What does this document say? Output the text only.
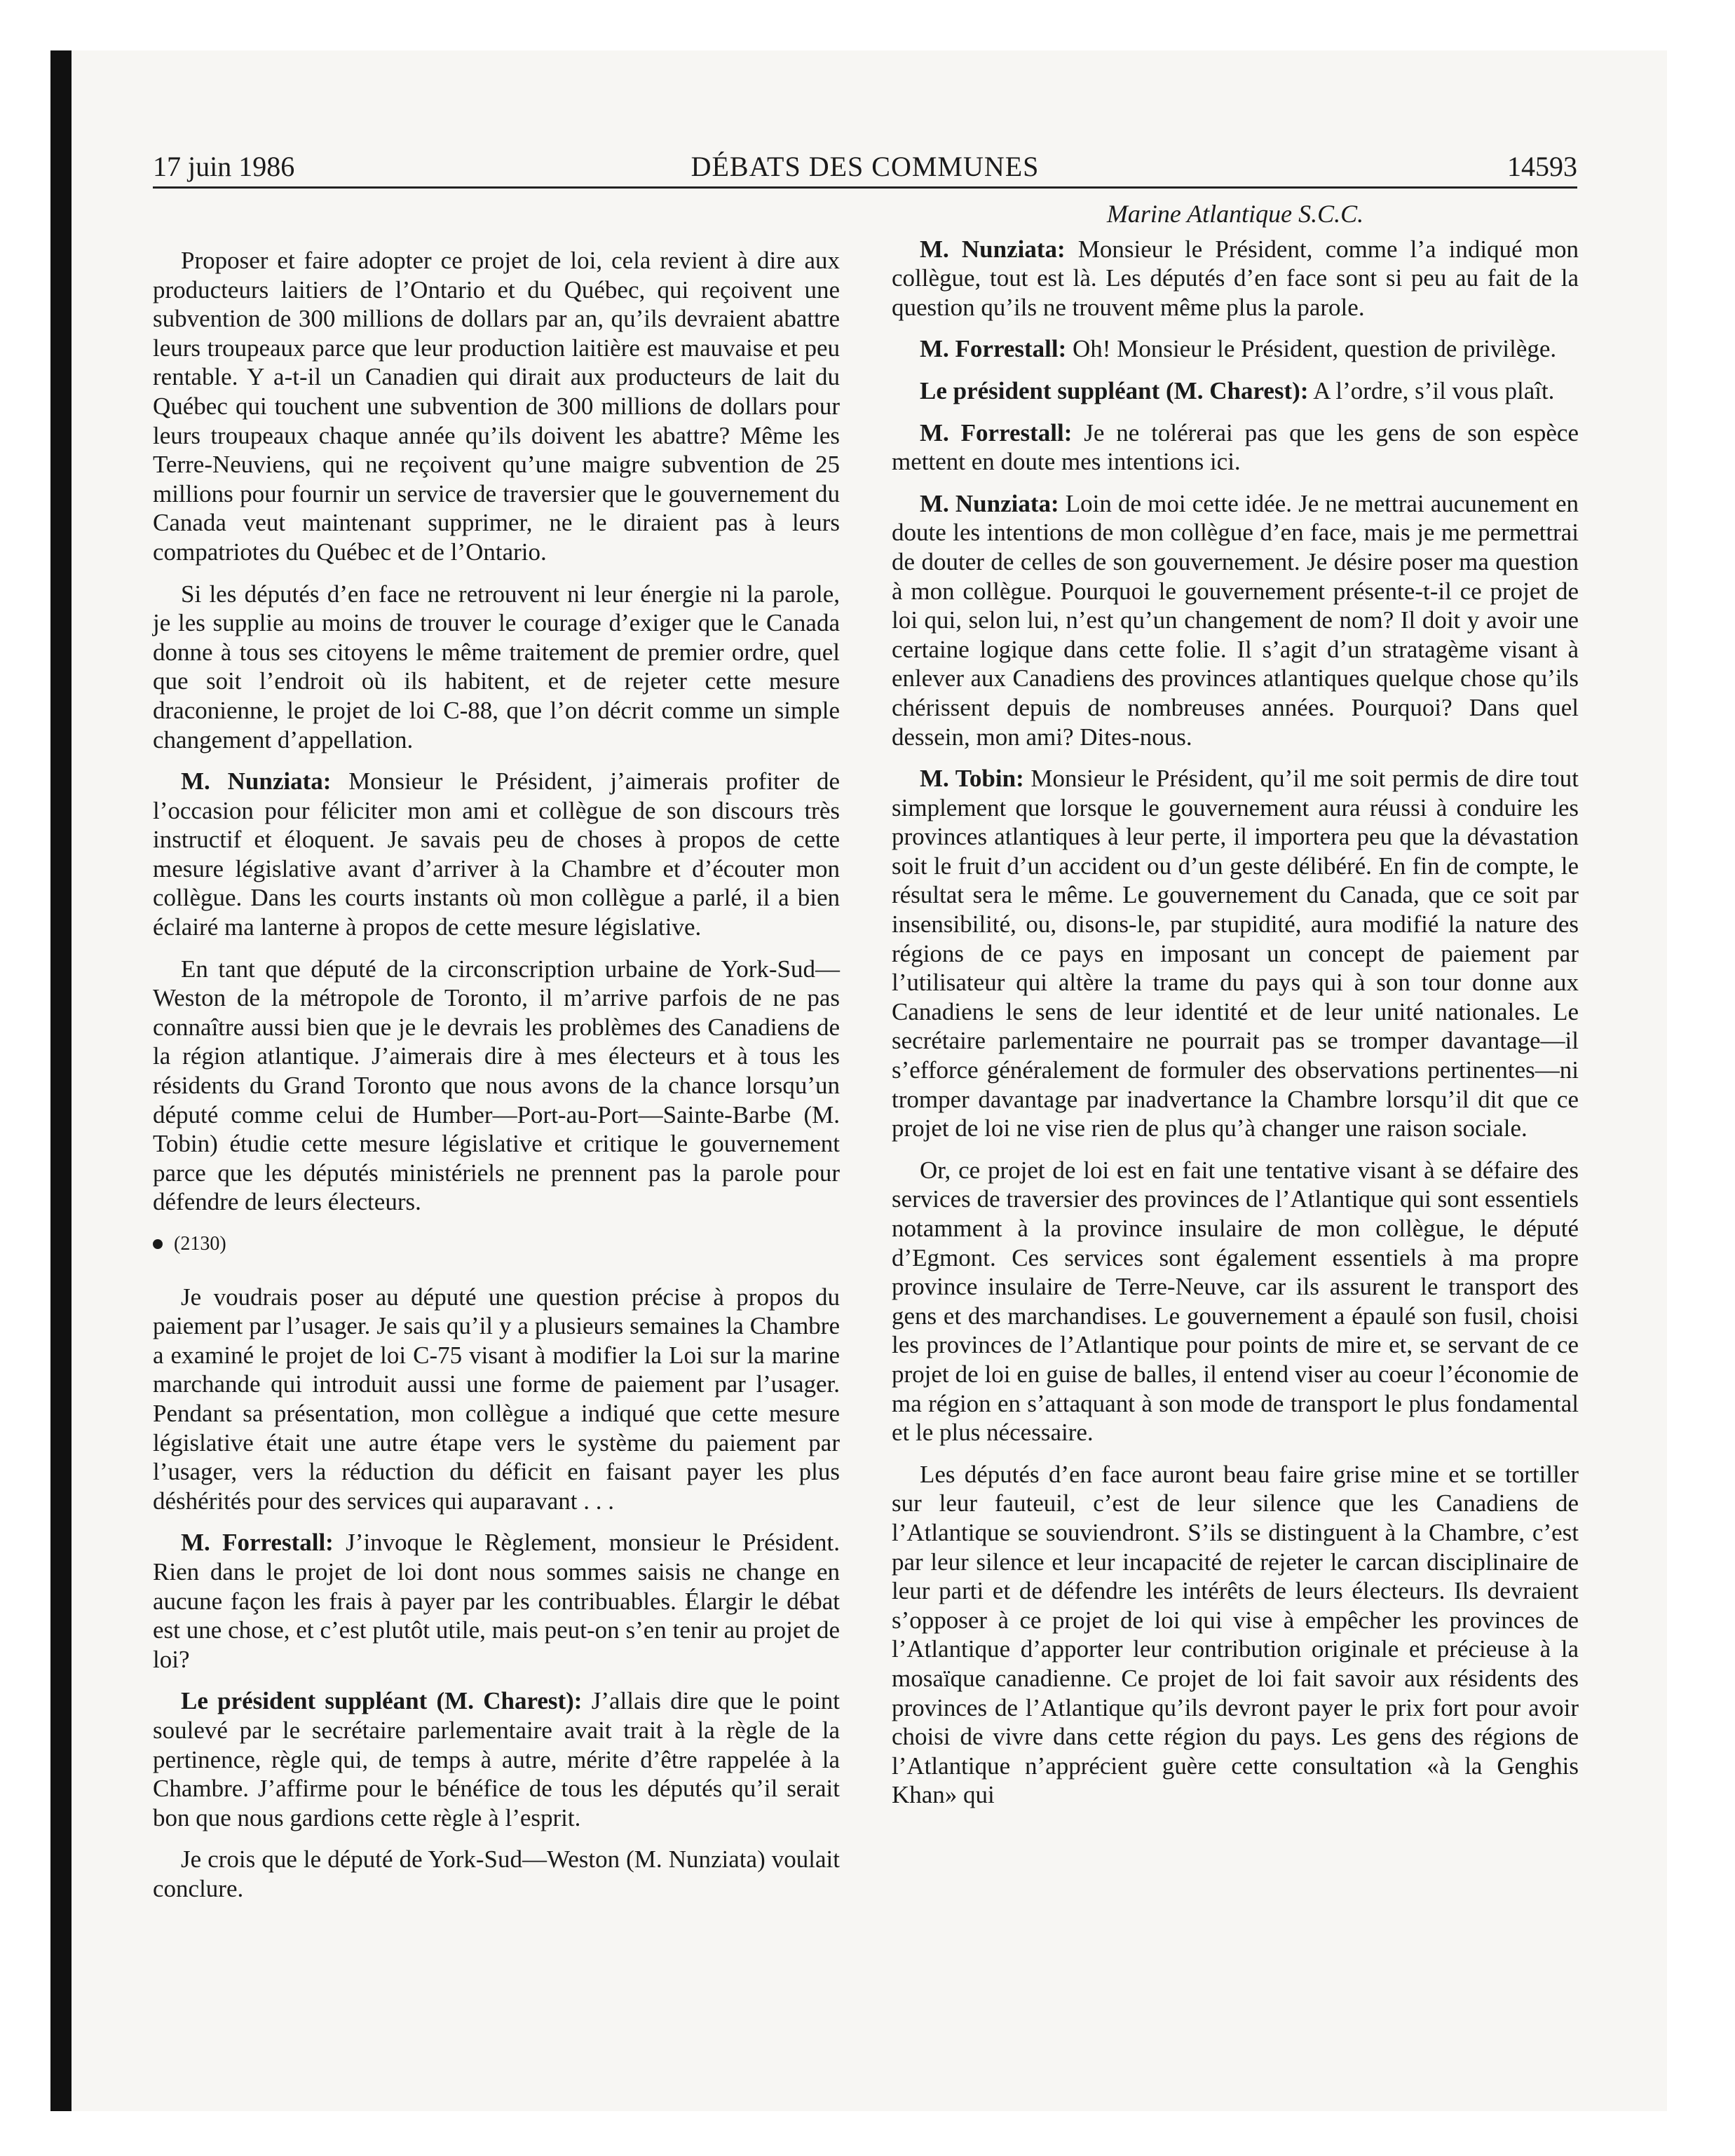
17 juin 1986	DÉBATS DES COMMUNES	14593

Proposer et faire adopter ce projet de loi, cela revient à dire aux producteurs laitiers de l’Ontario et du Québec, qui reçoivent une subvention de 300 millions de dollars par an, qu’ils devraient abattre leurs troupeaux parce que leur production laitière est mauvaise et peu rentable. Y a-t-il un Canadien qui dirait aux producteurs de lait du Québec qui touchent une subvention de 300 millions de dollars pour leurs troupeaux chaque année qu’ils doivent les abattre? Même les Terre-Neuviens, qui ne reçoivent qu’une maigre subvention de 25 millions pour fournir un service de traversier que le gouvernement du Canada veut maintenant supprimer, ne le diraient pas à leurs compatriotes du Québec et de l’Ontario.

Si les députés d’en face ne retrouvent ni leur énergie ni la parole, je les supplie au moins de trouver le courage d’exiger que le Canada donne à tous ses citoyens le même traitement de premier ordre, quel que soit l’endroit où ils habitent, et de rejeter cette mesure draconienne, le projet de loi C-88, que l’on décrit comme un simple changement d’appellation.

M. Nunziata: Monsieur le Président, j’aimerais profiter de l’occasion pour féliciter mon ami et collègue de son discours très instructif et éloquent. Je savais peu de choses à propos de cette mesure législative avant d’arriver à la Chambre et d’écouter mon collègue. Dans les courts instants où mon collègue a parlé, il a bien éclairé ma lanterne à propos de cette mesure législative.

En tant que député de la circonscription urbaine de York-Sud—Weston de la métropole de Toronto, il m’arrive parfois de ne pas connaître aussi bien que je le devrais les problèmes des Canadiens de la région atlantique. J’aimerais dire à mes électeurs et à tous les résidents du Grand Toronto que nous avons de la chance lorsqu’un député comme celui de Humber—Port-au-Port—Sainte-Barbe (M. Tobin) étudie cette mesure législative et critique le gouvernement parce que les députés ministériels ne prennent pas la parole pour défendre de leurs électeurs.

(2130)

Je voudrais poser au député une question précise à propos du paiement par l’usager. Je sais qu’il y a plusieurs semaines la Chambre a examiné le projet de loi C-75 visant à modifier la Loi sur la marine marchande qui introduit aussi une forme de paiement par l’usager. Pendant sa présentation, mon collègue a indiqué que cette mesure législative était une autre étape vers le système du paiement par l’usager, vers la réduction du déficit en faisant payer les plus déshérités pour des services qui auparavant . . .

M. Forrestall: J’invoque le Règlement, monsieur le Président. Rien dans le projet de loi dont nous sommes saisis ne change en aucune façon les frais à payer par les contribuables. Élargir le débat est une chose, et c’est plutôt utile, mais peut-on s’en tenir au projet de loi?

Le président suppléant (M. Charest): J’allais dire que le point soulevé par le secrétaire parlementaire avait trait à la règle de la pertinence, règle qui, de temps à autre, mérite d’être rappelée à la Chambre. J’affirme pour le bénéfice de tous les députés qu’il serait bon que nous gardions cette règle à l’esprit.

Je crois que le député de York-Sud—Weston (M. Nunziata) voulait conclure.

Marine Atlantique S.C.C.

M. Nunziata: Monsieur le Président, comme l’a indiqué mon collègue, tout est là. Les députés d’en face sont si peu au fait de la question qu’ils ne trouvent même plus la parole.

M. Forrestall: Oh! Monsieur le Président, question de privilège.

Le président suppléant (M. Charest): A l’ordre, s’il vous plaît.

M. Forrestall: Je ne tolérerai pas que les gens de son espèce mettent en doute mes intentions ici.

M. Nunziata: Loin de moi cette idée. Je ne mettrai aucunement en doute les intentions de mon collègue d’en face, mais je me permettrai de douter de celles de son gouvernement. Je désire poser ma question à mon collègue. Pourquoi le gouvernement présente-t-il ce projet de loi qui, selon lui, n’est qu’un changement de nom? Il doit y avoir une certaine logique dans cette folie. Il s’agit d’un stratagème visant à enlever aux Canadiens des provinces atlantiques quelque chose qu’ils chérissent depuis de nombreuses années. Pourquoi? Dans quel dessein, mon ami? Dites-nous.

M. Tobin: Monsieur le Président, qu’il me soit permis de dire tout simplement que lorsque le gouvernement aura réussi à conduire les provinces atlantiques à leur perte, il importera peu que la dévastation soit le fruit d’un accident ou d’un geste délibéré. En fin de compte, le résultat sera le même. Le gouvernement du Canada, que ce soit par insensibilité, ou, disons-le, par stupidité, aura modifié la nature des régions de ce pays en imposant un concept de paiement par l’utilisateur qui altère la trame du pays qui à son tour donne aux Canadiens le sens de leur identité et de leur unité nationales. Le secrétaire parlementaire ne pourrait pas se tromper davantage—il s’efforce généralement de formuler des observations pertinentes—ni tromper davantage par inadvertance la Chambre lorsqu’il dit que ce projet de loi ne vise rien de plus qu’à changer une raison sociale.

Or, ce projet de loi est en fait une tentative visant à se défaire des services de traversier des provinces de l’Atlantique qui sont essentiels notamment à la province insulaire de mon collègue, le député d’Egmont. Ces services sont également essentiels à ma propre province insulaire de Terre-Neuve, car ils assurent le transport des gens et des marchandises. Le gouvernement a épaulé son fusil, choisi les provinces de l’Atlantique pour points de mire et, se servant de ce projet de loi en guise de balles, il entend viser au coeur l’économie de ma région en s’attaquant à son mode de transport le plus fondamental et le plus nécessaire.

Les députés d’en face auront beau faire grise mine et se tortiller sur leur fauteuil, c’est de leur silence que les Canadiens de l’Atlantique se souviendront. S’ils se distinguent à la Chambre, c’est par leur silence et leur incapacité de rejeter le carcan disciplinaire de leur parti et de défendre les intérêts de leurs électeurs. Ils devraient s’opposer à ce projet de loi qui vise à empêcher les provinces de l’Atlantique d’apporter leur contribution originale et précieuse à la mosaïque canadienne. Ce projet de loi fait savoir aux résidents des provinces de l’Atlantique qu’ils devront payer le prix fort pour avoir choisi de vivre dans cette région du pays. Les gens des régions de l’Atlantique n’apprécient guère cette consultation «à la Genghis Khan» qui
